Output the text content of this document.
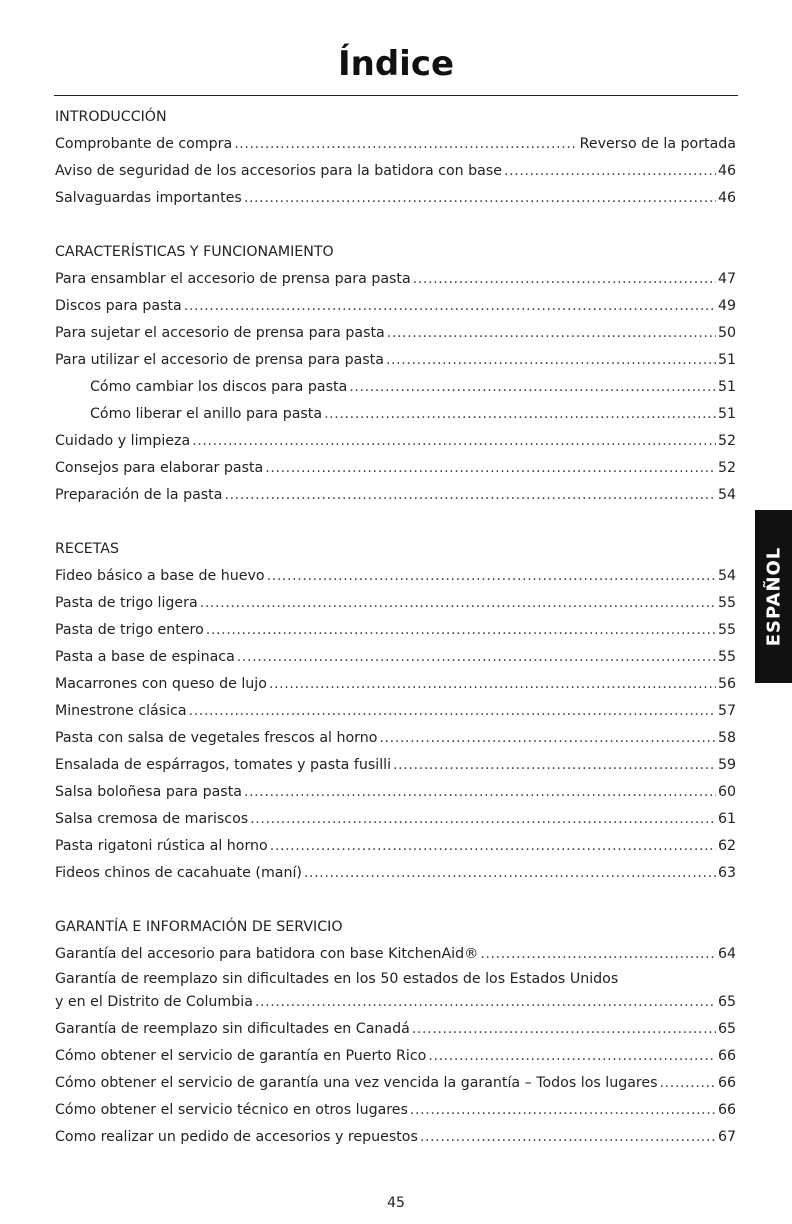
Índice
INTRODUCCIÓN
Comprobante de compra .....	Reverso de la portada
Aviso de seguridad de los accesorios para la batidora con base .....	46
Salvaguardas importantes .....	46
CARACTERÍSTICAS Y FUNCIONAMIENTO
Para ensamblar el accesorio de prensa para pasta .....	47
Discos para pasta .....	49
Para sujetar el accesorio de prensa para pasta .....	50
Para utilizar el accesorio de prensa para pasta .....	51
Cómo cambiar los discos para pasta .....	51
Cómo liberar el anillo para pasta .....	51
Cuidado y limpieza .....	52
Consejos para elaborar pasta .....	52
Preparación de la pasta .....	54
RECETAS
Fideo básico a base de huevo .....	54
Pasta de trigo ligera .....	55
Pasta de trigo entero .....	55
Pasta a base de espinaca .....	55
Macarrones con queso de lujo .....	56
Minestrone clásica .....	57
Pasta con salsa de vegetales frescos al horno .....	58
Ensalada de espárragos, tomates y pasta fusilli .....	59
Salsa boloñesa para pasta .....	60
Salsa cremosa de mariscos .....	61
Pasta rigatoni rústica al horno .....	62
Fideos chinos de cacahuate (maní) .....	63
GARANTÍA E INFORMACIÓN DE SERVICIO
Garantía del accesorio para batidora con base KitchenAid® .....	64
Garantía de reemplazo sin dificultades en los 50 estados de los Estados Unidos
y en el Distrito de Columbia .....	65
Garantía de reemplazo sin dificultades en Canadá .....	65
Cómo obtener el servicio de garantía en Puerto Rico .....	66
Cómo obtener el servicio de garantía una vez vencida la garantía – Todos los lugares .....	66
Cómo obtener el servicio técnico en otros lugares .....	66
Como realizar un pedido de accesorios y repuestos .....	67
ESPAÑOL
45
